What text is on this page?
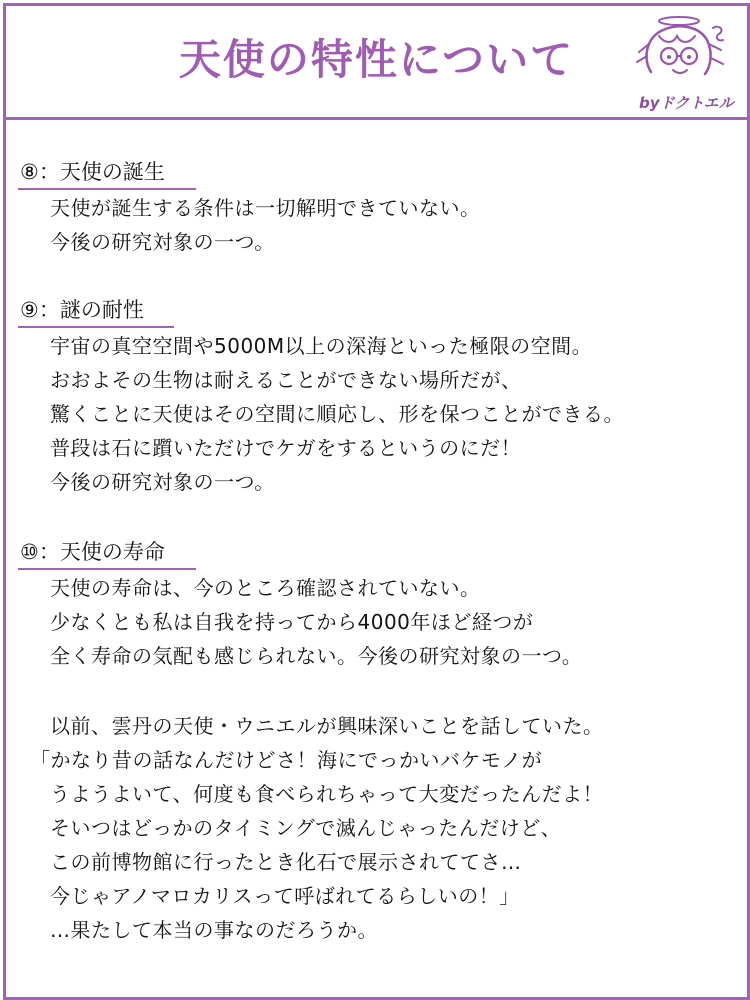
天使の特性について
byドクトエル
⑧：天使の誕生
天使が誕生する条件は一切解明できていない。
今後の研究対象の一つ。
⑨：謎の耐性
宇宙の真空空間や5000M以上の深海といった極限の空間。
おおよその生物は耐えることができない場所だが、
驚くことに天使はその空間に順応し、形を保つことができる。
普段は石に躓いただけでケガをするというのにだ！
今後の研究対象の一つ。
⑩：天使の寿命
天使の寿命は、今のところ確認されていない。
少なくとも私は自我を持ってから4000年ほど経つが
全く寿命の気配も感じられない。今後の研究対象の一つ。
以前、雲丹の天使・ウニエルが興味深いことを話していた。
「かなり昔の話なんだけどさ！海にでっかいバケモノが
うようよいて、何度も食べられちゃって大変だったんだよ！
そいつはどっかのタイミングで滅んじゃったんだけど、
この前博物館に行ったとき化石で展示されててさ…
今じゃアノマロカリスって呼ばれてるらしいの！」
…果たして本当の事なのだろうか。
